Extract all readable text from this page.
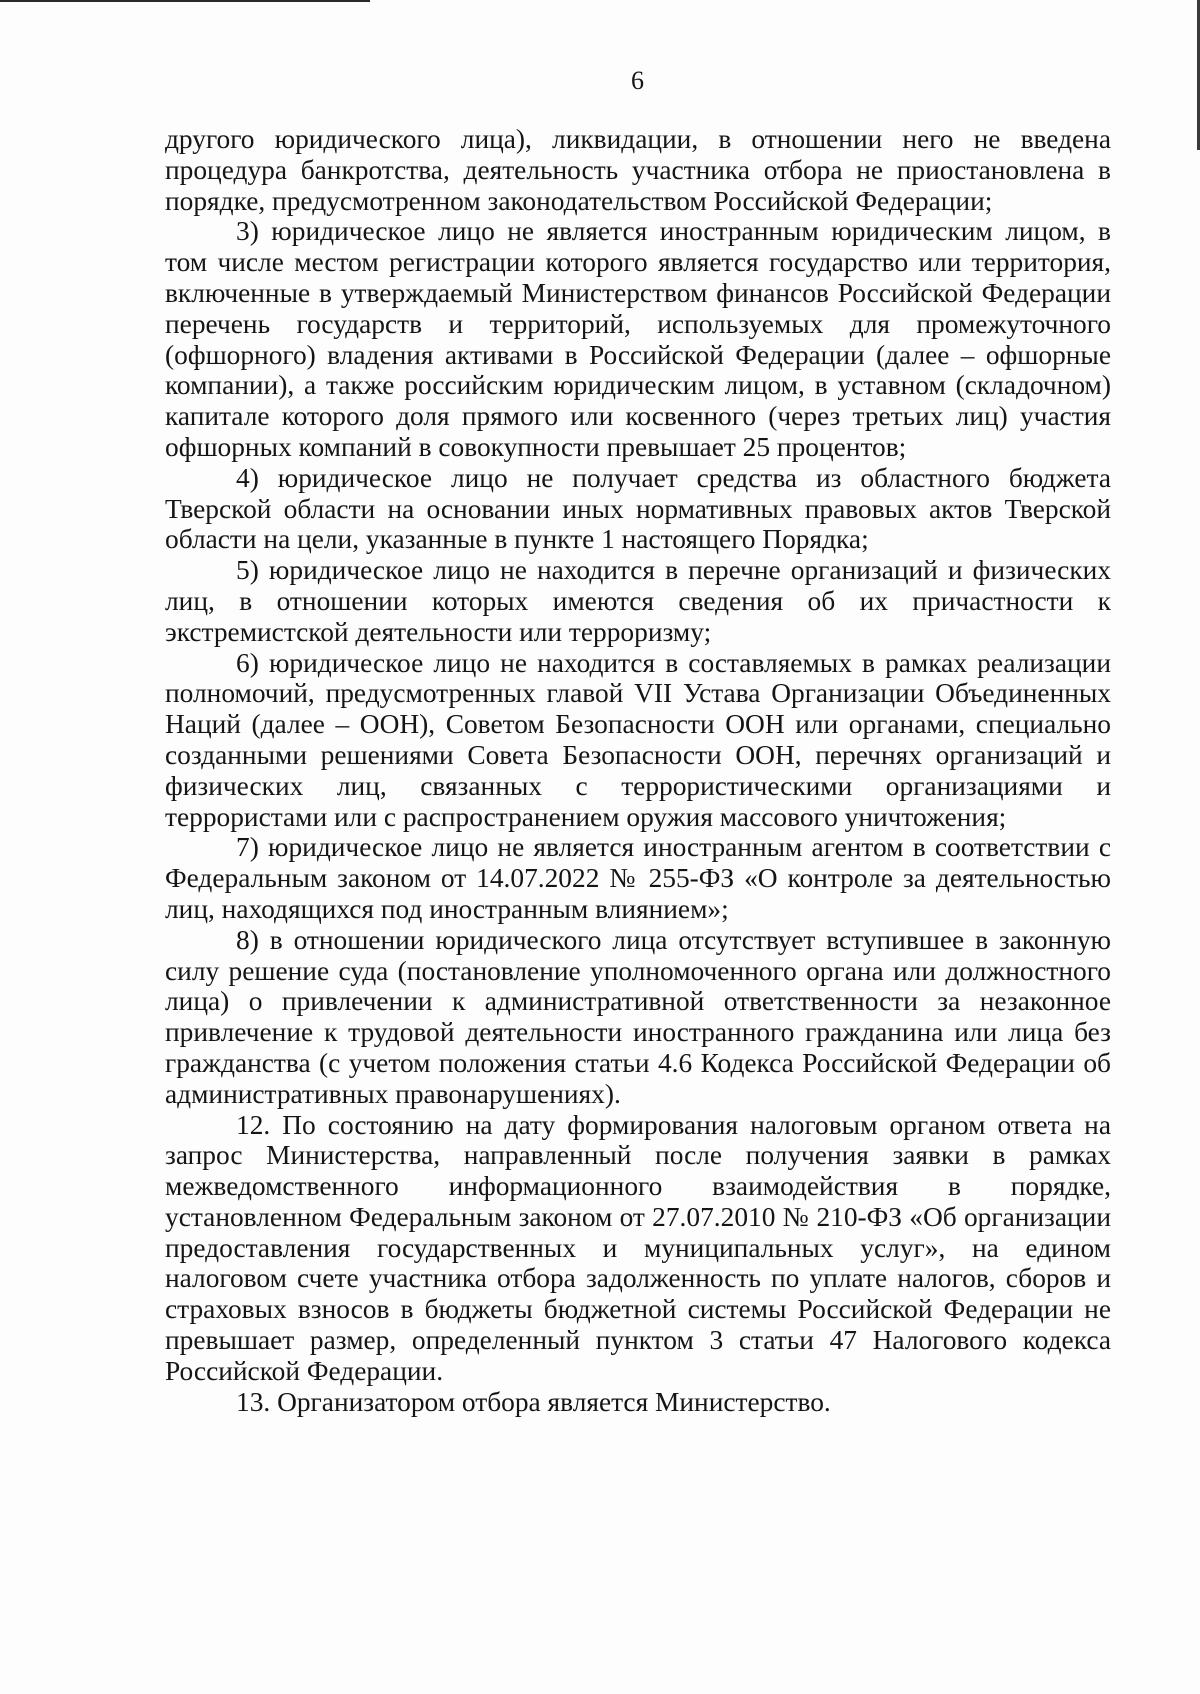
6

другого юридического лица), ликвидации, в отношении него не введена процедура банкротства, деятельность участника отбора не приостановлена в порядке, предусмотренном законодательством Российской Федерации;

3) юридическое лицо не является иностранным юридическим лицом, в том числе местом регистрации которого является государство или территория, включенные в утверждаемый Министерством финансов Российской Федерации перечень государств и территорий, используемых для промежуточного (офшорного) владения активами в Российской Федерации (далее – офшорные компании), а также российским юридическим лицом, в уставном (складочном) капитале которого доля прямого или косвенного (через третьих лиц) участия офшорных компаний в совокупности превышает 25 процентов;

4) юридическое лицо не получает средства из областного бюджета Тверской области на основании иных нормативных правовых актов Тверской области на цели, указанные в пункте 1 настоящего Порядка;

5) юридическое лицо не находится в перечне организаций и физических лиц, в отношении которых имеются сведения об их причастности к экстремистской деятельности или терроризму;

6) юридическое лицо не находится в составляемых в рамках реализации полномочий, предусмотренных главой VII Устава Организации Объединенных Наций (далее – ООН), Советом Безопасности ООН или органами, специально созданными решениями Совета Безопасности ООН, перечнях организаций и физических лиц, связанных с террористическими организациями и террористами или с распространением оружия массового уничтожения;

7) юридическое лицо не является иностранным агентом в соответствии с Федеральным законом от 14.07.2022 № 255-ФЗ «О контроле за деятельностью лиц, находящихся под иностранным влиянием»;

8) в отношении юридического лица отсутствует вступившее в законную силу решение суда (постановление уполномоченного органа или должностного лица) о привлечении к административной ответственности за незаконное привлечение к трудовой деятельности иностранного гражданина или лица без гражданства (с учетом положения статьи 4.6 Кодекса Российской Федерации об административных правонарушениях).

12. По состоянию на дату формирования налоговым органом ответа на запрос Министерства, направленный после получения заявки в рамках межведомственного информационного взаимодействия в порядке, установленном Федеральным законом от 27.07.2010 № 210-ФЗ «Об организации предоставления государственных и муниципальных услуг», на едином налоговом счете участника отбора задолженность по уплате налогов, сборов и страховых взносов в бюджеты бюджетной системы Российской Федерации не превышает размер, определенный пунктом 3 статьи 47 Налогового кодекса Российской Федерации.

13. Организатором отбора является Министерство.
